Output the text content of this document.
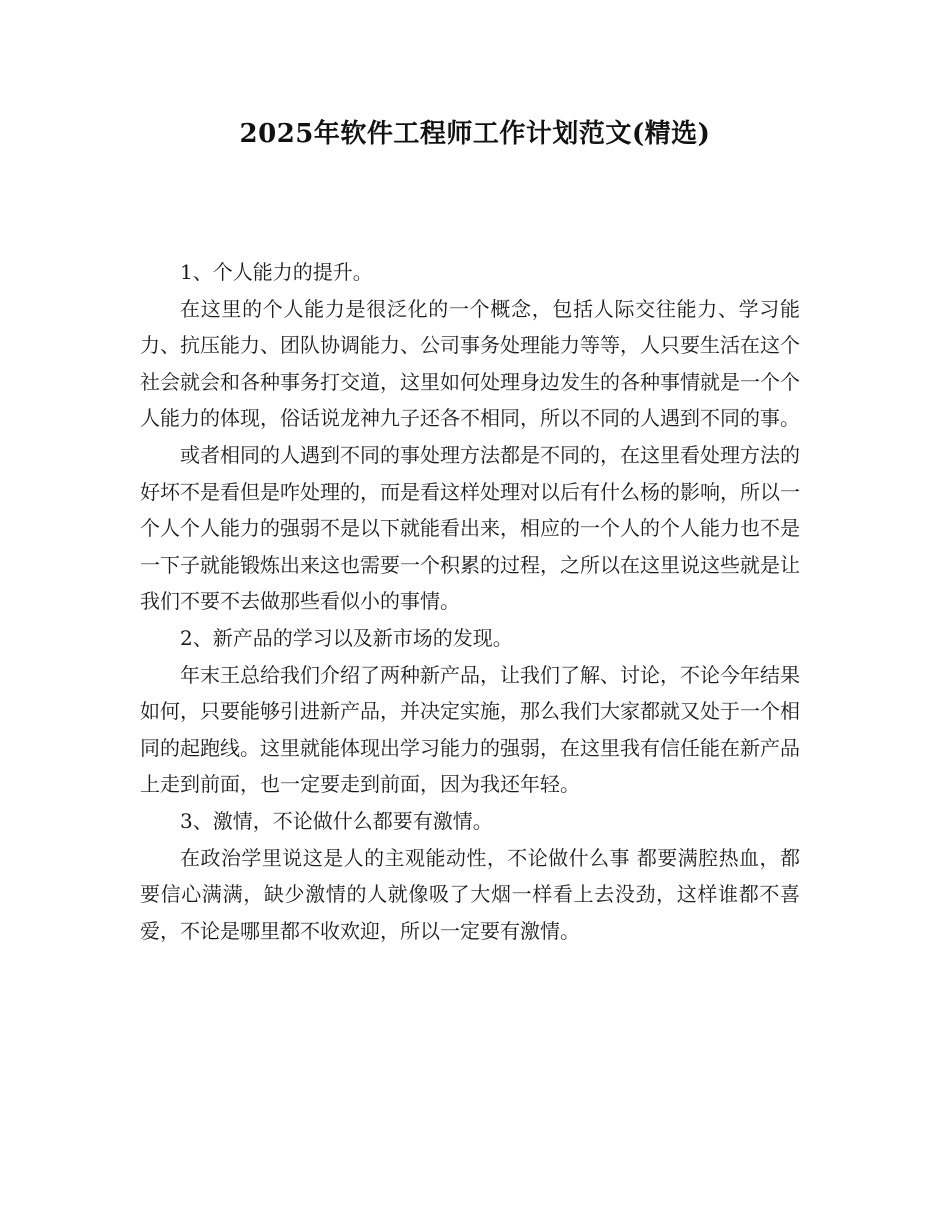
2025年软件工程师工作计划范文(精选)

1、个人能力的提升。

在这里的个人能力是很泛化的一个概念，包括人际交往能力、学习能力、抗压能力、团队协调能力、公司事务处理能力等等，人只要生活在这个社会就会和各种事务打交道，这里如何处理身边发生的各种事情就是一个个人能力的体现，俗话说龙神九子还各不相同，所以不同的人遇到不同的事。

或者相同的人遇到不同的事处理方法都是不同的，在这里看处理方法的好坏不是看但是咋处理的，而是看这样处理对以后有什么杨的影响，所以一个人个人能力的强弱不是以下就能看出来，相应的一个人的个人能力也不是一下子就能锻炼出来这也需要一个积累的过程，之所以在这里说这些就是让我们不要不去做那些看似小的事情。

2、新产品的学习以及新市场的发现。

年末王总给我们介绍了两种新产品，让我们了解、讨论，不论今年结果如何，只要能够引进新产品，并决定实施，那么我们大家都就又处于一个相同的起跑线。这里就能体现出学习能力的强弱，在这里我有信任能在新产品上走到前面，也一定要走到前面，因为我还年轻。

3、激情，不论做什么都要有激情。

在政治学里说这是人的主观能动性，不论做什么事 都要满腔热血，都要信心满满，缺少激情的人就像吸了大烟一样看上去没劲，这样谁都不喜爱，不论是哪里都不收欢迎，所以一定要有激情。
